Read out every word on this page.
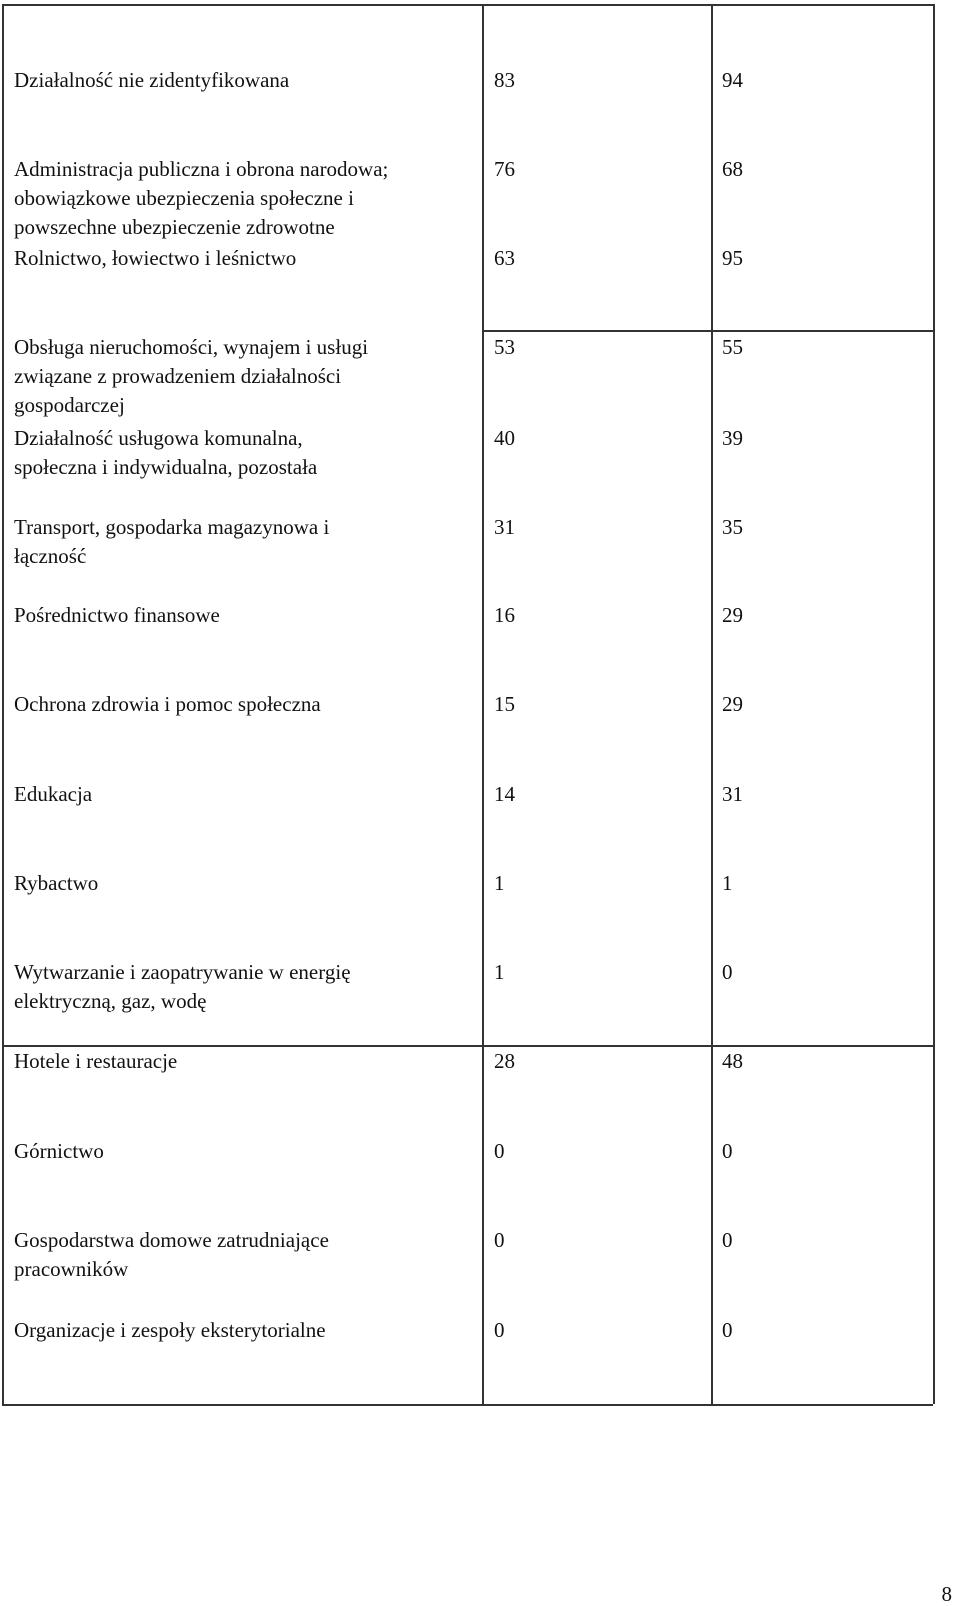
Działalność nie zidentyfikowana	83	94
Administracja publiczna i obrona narodowa;
obowiązkowe ubezpieczenia społeczne i
powszechne ubezpieczenie zdrowotne
76	68
Rolnictwo, łowiectwo i leśnictwo	63	95
Obsługa nieruchomości, wynajem i usługi
związane z prowadzeniem działalności
gospodarczej
53	55
Działalność usługowa komunalna,
społeczna i indywidualna, pozostała
40	39
Transport, gospodarka magazynowa i
łączność
31	35
Pośrednictwo finansowe	16	29
Ochrona zdrowia i pomoc społeczna	15	29
Edukacja	14	31
Rybactwo	1	1
Wytwarzanie i zaopatrywanie w energię
elektryczną, gaz, wodę
1	0
Hotele i restauracje	28	48
Górnictwo	0	0
Gospodarstwa domowe zatrudniające
pracowników
0	0
Organizacje i zespoły eksterytorialne	0	0
8
